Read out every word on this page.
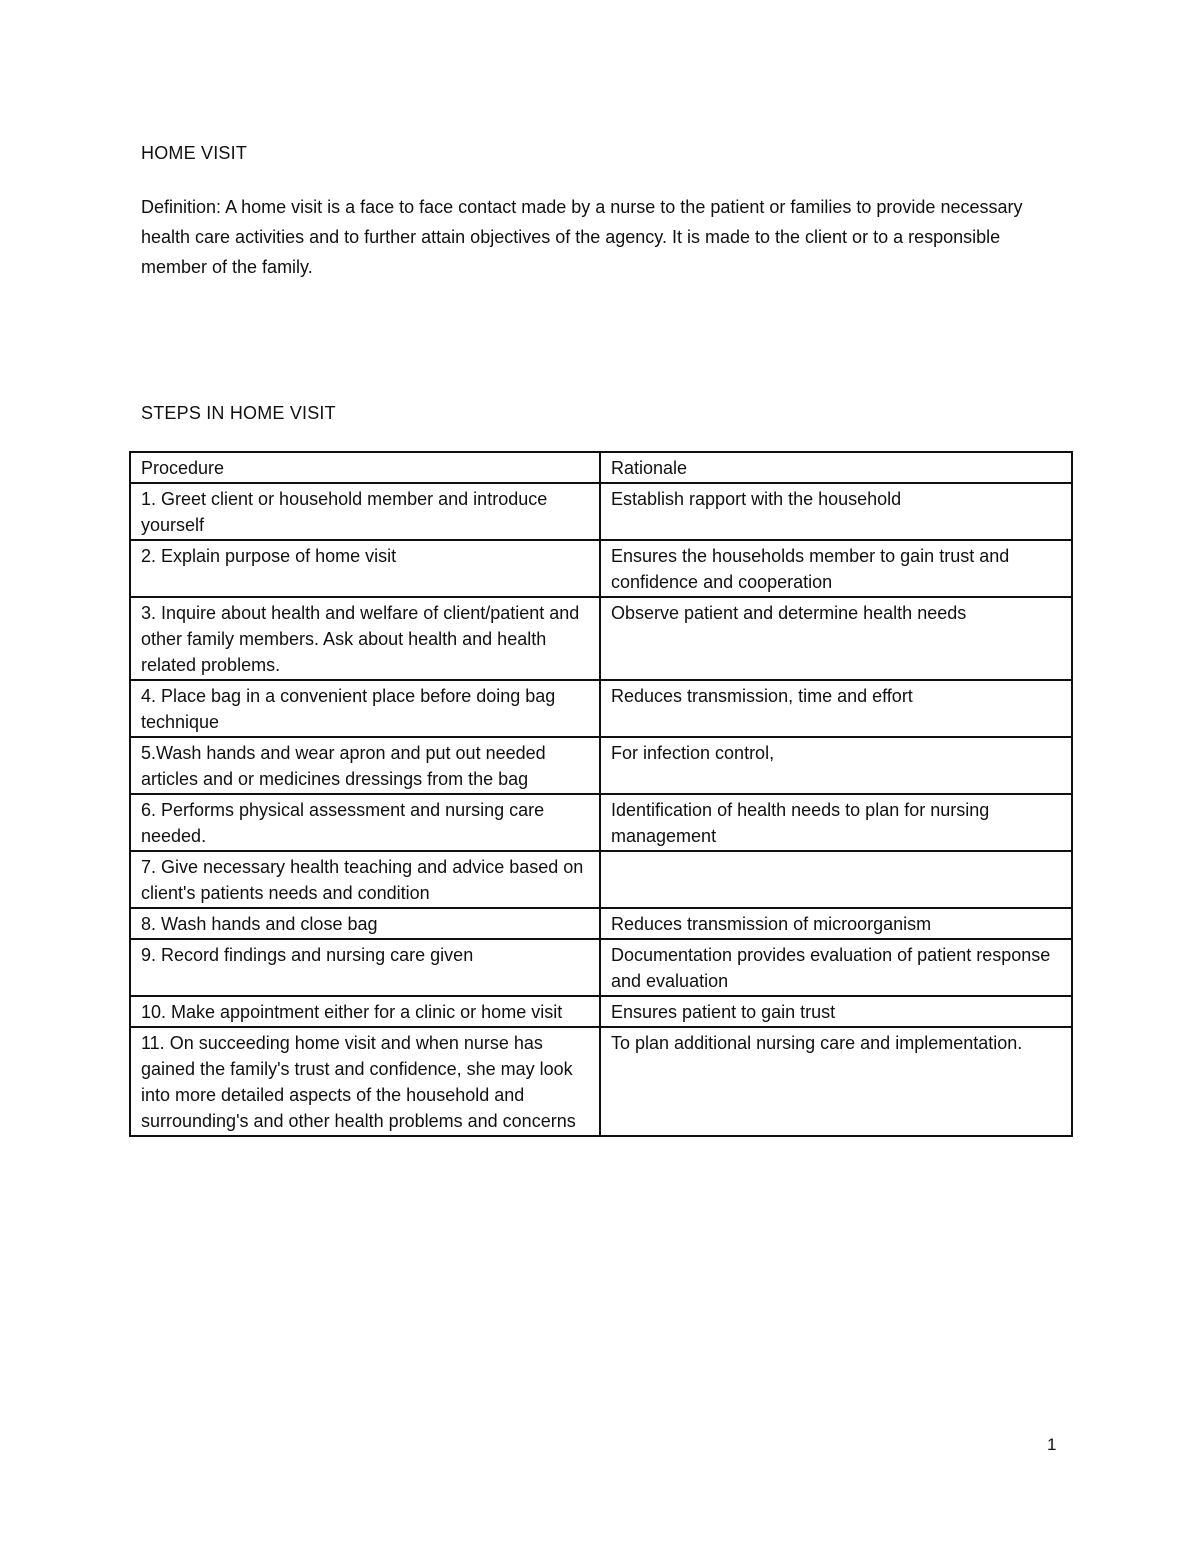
HOME VISIT
Definition: A home visit is a face to face contact made by a nurse to the patient or families to provide necessary health care activities and to further attain objectives of the agency. It is made to the client or to a responsible member of the family.
STEPS IN HOME VISIT
Procedure	Rationale
1. Greet client or household member and introduce yourself	Establish rapport with the household
2. Explain purpose of home visit	Ensures the households member to gain trust and confidence and cooperation
3. Inquire about health and welfare of client/patient and other family members. Ask about health and health related problems.	Observe patient and determine health needs
4. Place bag in a convenient place before doing bag technique	Reduces transmission, time and effort
5.Wash hands and wear apron and put out needed articles and or medicines dressings from the bag	For infection control,
6. Performs physical assessment and nursing care needed.	Identification of health needs to plan for nursing management
7. Give necessary health teaching and advice based on client's patients needs and condition	
8. Wash hands and close bag	Reduces transmission of microorganism
9. Record findings and nursing care given	Documentation provides evaluation of patient response and evaluation
10. Make appointment either for a clinic or home visit	Ensures patient to gain trust
11. On succeeding home visit and when nurse has gained the family's trust and confidence, she may look into more detailed aspects of the household and surrounding's and other health problems and concerns	To plan additional nursing care and implementation.
1
